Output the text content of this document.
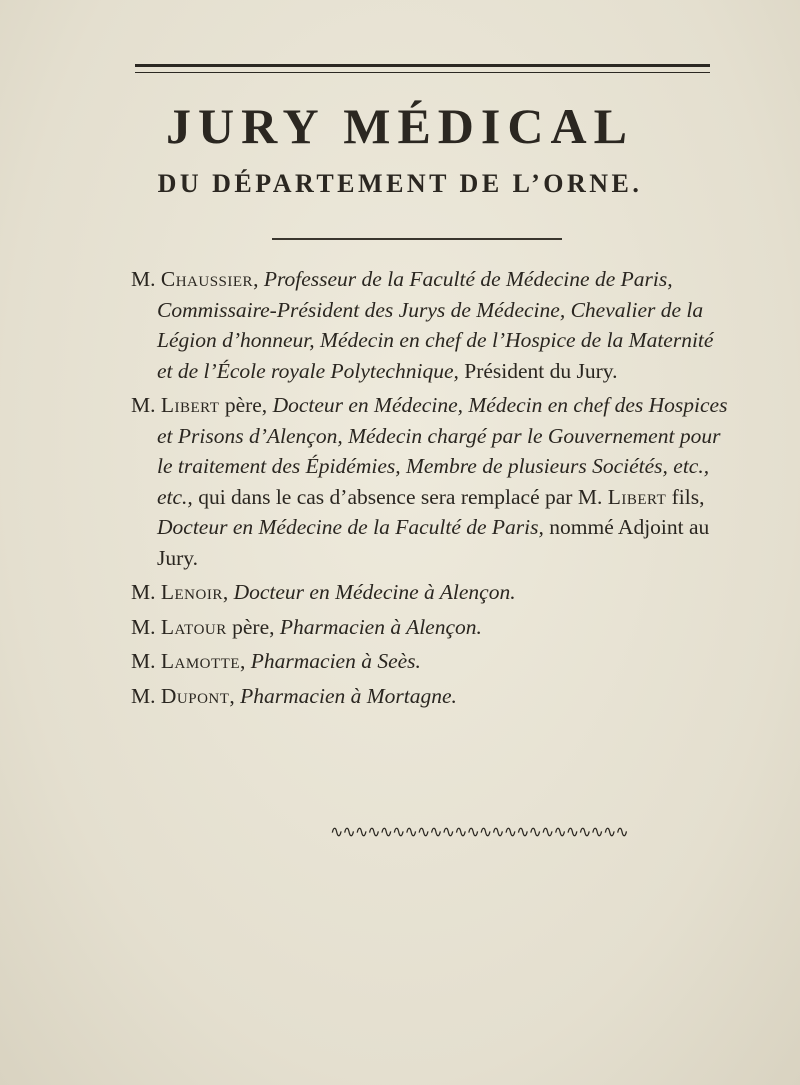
JURY MÉDICAL
DU DÉPARTEMENT DE L’ORNE.

M. Chaussier, Professeur de la Faculté de Médecine de Paris, Commissaire-Président des Jurys de Médecine, Chevalier de la Légion d’honneur, Médecin en chef de l’Hospice de la Maternité et de l’École royale Polytechnique, Président du Jury.

M. Libert père, Docteur en Médecine, Médecin en chef des Hospices et Prisons d’Alençon, Médecin chargé par le Gouvernement pour le traitement des Épidémies, Membre de plusieurs Sociétés, etc., etc., qui dans le cas d’absence sera remplacé par M. Libert fils, Docteur en Médecine de la Faculté de Paris, nommé Adjoint au Jury.

M. Lenoir, Docteur en Médecine à Alençon.

M. Latour père, Pharmacien à Alençon.

M. Lamotte, Pharmacien à Seès.

M. Dupont, Pharmacien à Mortagne.

∿∿∿∿∿∿∿∿∿∿∿∿∿∿∿∿∿∿∿∿∿∿∿∿
